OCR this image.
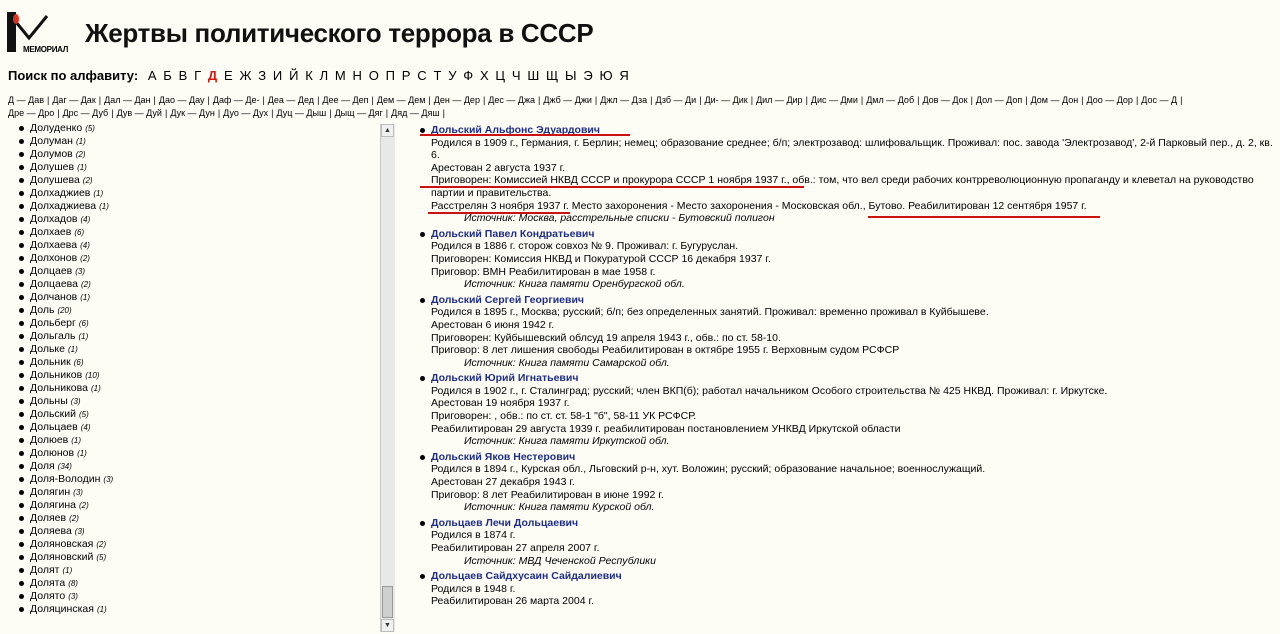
МЕМОРИАЛ
Жертвы политического террора в СССР
Поиск по алфавиту: А Б В Г Д Е Ж З И Й К Л М Н О П Р С Т У Ф Х Ц Ч Ш Щ Ы Э Ю Я
Д — Дав | Даг — Дак | Дал — Дан | Дао — Дау | Даф — Де- | Деа — Дед | Дее — Деп | Дем — Дем | Ден — Дер | Дес — Джа | Джб — Джи | Джл — Дза | Дзб — Ди | Ди- — Дик | Дил — Дир | Дис — Дми | Дмл — Доб | Дов — Док | Дол — Доп | Дом — Дон | Доо — Дор | Дос — Д |
Дре — Дро | Дрс — Дуб | Дув — Дуй | Дук — Дун | Дуо — Дух | Дуц — Дыш | Дыщ — Дяг | Дяд — Дяш |
Долуденко (5)
Долуман (1)
Долумов (2)
Долушев (1)
Долушева (2)
Долхаджиев (1)
Долхаджиева (1)
Долхадов (4)
Долхаев (6)
Долхаева (4)
Долхонов (2)
Долцаев (3)
Долцаева (2)
Долчанов (1)
Доль (20)
Дольберг (6)
Дольгаль (1)
Дольке (1)
Дольник (6)
Дольников (10)
Дольникова (1)
Дольны (3)
Дольский (5)
Дольцаев (4)
Долюев (1)
Долюнов (1)
Доля (34)
Доля-Володин (3)
Долягин (3)
Долягина (2)
Доляев (2)
Доляева (3)
Доляновская (2)
Доляновский (5)
Долят (1)
Долята (8)
Долято (3)
Доляцинская (1)
▲
▼
Дольский Альфонс Эдуардович
Родился в 1909 г., Германия, г. Берлин; немец; образование среднее; б/п; электрозавод: шлифовальщик. Проживал: пос. завода 'Электрозавод', 2-й Парковый пер., д. 2, кв. 6.
Арестован 2 августа 1937 г.
Приговорен: Комиссией НКВД СССР и прокурора СССР 1 ноября 1937 г., обв.: том, что вел среди рабочих контрреволюционную пропаганду и клеветал на руководство партии и правительства.
Расстрелян 3 ноября 1937 г. Место захоронения - Место захоронения - Московская обл., Бутово. Реабилитирован 12 сентября 1957 г.
Источник: Москва, расстрельные списки - Бутовский полигон
Дольский Павел Кондратьевич
Родился в 1886 г. сторож совхоз № 9. Проживал: г. Бугуруслан.
Приговорен: Комиссия НКВД и Покуратурой СССР 16 декабря 1937 г.
Приговор: ВМН Реабилитирован в мае 1958 г.
Источник: Книга памяти Оренбургской обл.
Дольский Сергей Георгиевич
Родился в 1895 г., Москва; русский; б/п; без определенных занятий. Проживал: временно проживал в Куйбышеве.
Арестован 6 июня 1942 г.
Приговорен: Куйбышевский облсуд 19 апреля 1943 г., обв.: по ст. 58-10.
Приговор: 8 лет лишения свободы Реабилитирован в октябре 1955 г. Верховным судом РСФСР
Источник: Книга памяти Самарской обл.
Дольский Юрий Игнатьевич
Родился в 1902 г., г. Сталинград; русский; член ВКП(б); работал начальником Особого строительства № 425 НКВД. Проживал: г. Иркутске.
Арестован 19 ноября 1937 г.
Приговорен: , обв.: по ст. ст. 58-1 "б", 58-11 УК РСФСР.
Реабилитирован 29 августа 1939 г. реабилитирован постановлением УНКВД Иркутской области
Источник: Книга памяти Иркутской обл.
Дольский Яков Нестерович
Родился в 1894 г., Курская обл., Льговский р-н, хут. Воложин; русский; образование начальное; военнослужащий.
Арестован 27 декабря 1943 г.
Приговор: 8 лет Реабилитирован в июне 1992 г.
Источник: Книга памяти Курской обл.
Дольцаев Лечи Дольцаевич
Родился в 1874 г.
Реабилитирован 27 апреля 2007 г.
Источник: МВД Чеченской Республики
Дольцаев Сайдхусаин Сайдалиевич
Родился в 1948 г.
Реабилитирован 26 марта 2004 г.
